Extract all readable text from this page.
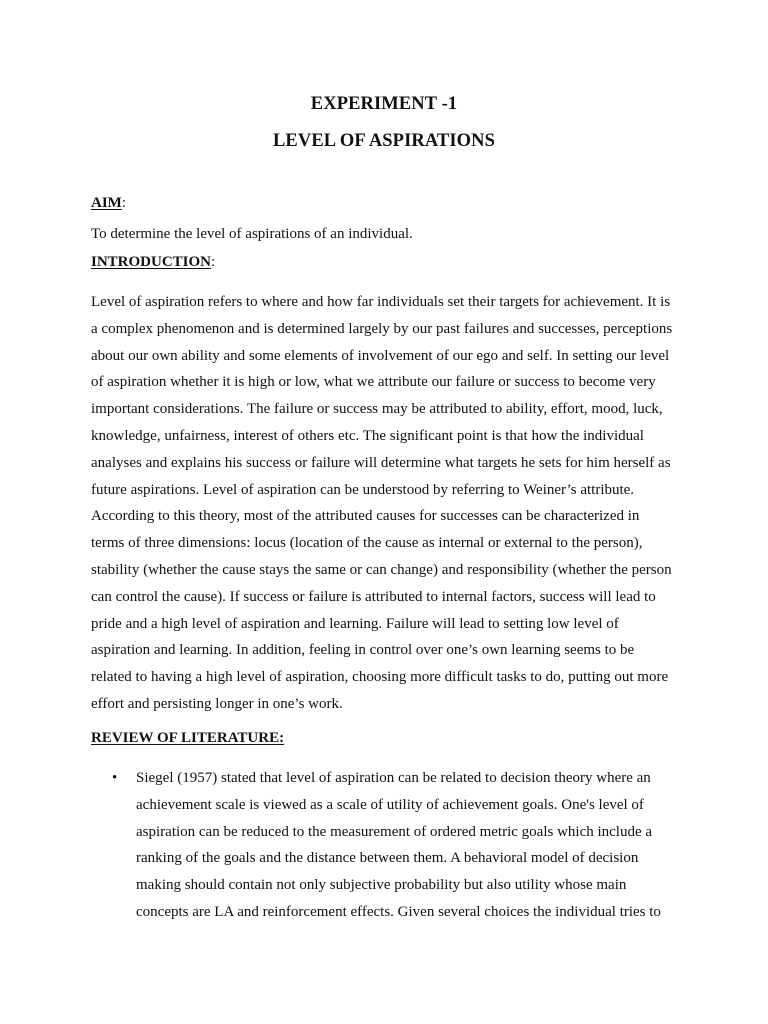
EXPERIMENT -1
LEVEL OF ASPIRATIONS
AIM:
To determine the level of aspirations of an individual.
INTRODUCTION:
Level of aspiration refers to where and how far individuals set their targets for achievement. It is
a complex phenomenon and is determined largely by our past failures and successes, perceptions
about our own ability and some elements of involvement of our ego and self. In setting our level
of aspiration whether it is high or low, what we attribute our failure or success to become very
important considerations. The failure or success may be attributed to ability, effort, mood, luck,
knowledge, unfairness, interest of others etc. The significant point is that how the individual
analyses and explains his success or failure will determine what targets he sets for him herself as
future aspirations. Level of aspiration can be understood by referring to Weiner’s attribute.
According to this theory, most of the attributed causes for successes can be characterized in
terms of three dimensions: locus (location of the cause as internal or external to the person),
stability (whether the cause stays the same or can change) and responsibility (whether the person
can control the cause). If success or failure is attributed to internal factors, success will lead to
pride and a high level of aspiration and learning. Failure will lead to setting low level of
aspiration and learning. In addition, feeling in control over one’s own learning seems to be
related to having a high level of aspiration, choosing more difficult tasks to do, putting out more
effort and persisting longer in one’s work.
REVIEW OF LITERATURE:
• Siegel (1957) stated that level of aspiration can be related to decision theory where an
achievement scale is viewed as a scale of utility of achievement goals. One's level of
aspiration can be reduced to the measurement of ordered metric goals which include a
ranking of the goals and the distance between them. A behavioral model of decision
making should contain not only subjective probability but also utility whose main
concepts are LA and reinforcement effects. Given several choices the individual tries to
